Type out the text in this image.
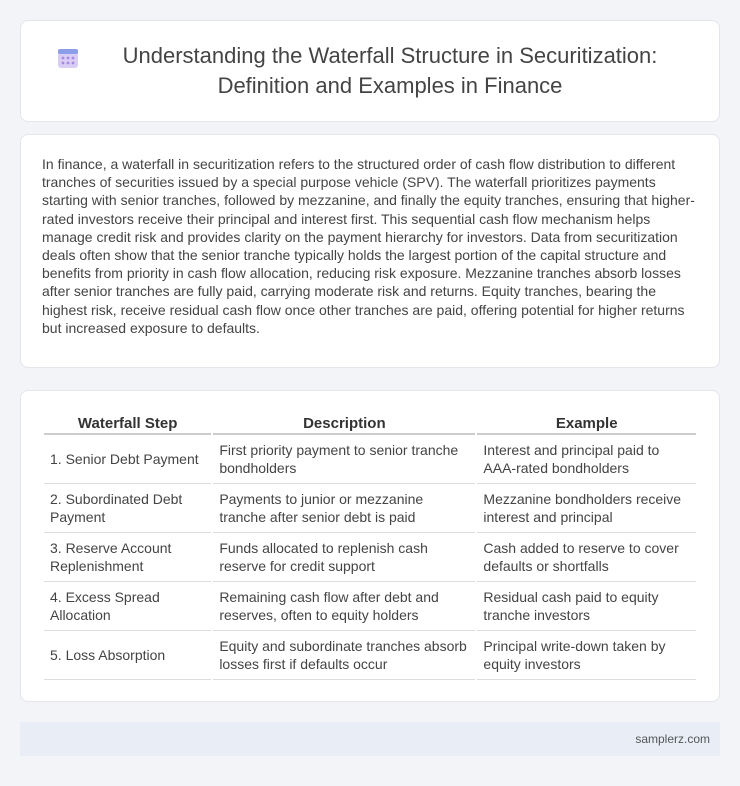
Understanding the Waterfall Structure in Securitization: Definition and Examples in Finance

In finance, a waterfall in securitization refers to the structured order of cash flow distribution to different tranches of securities issued by a special purpose vehicle (SPV). The waterfall prioritizes payments starting with senior tranches, followed by mezzanine, and finally the equity tranches, ensuring that higher-rated investors receive their principal and interest first. This sequential cash flow mechanism helps manage credit risk and provides clarity on the payment hierarchy for investors. Data from securitization deals often show that the senior tranche typically holds the largest portion of the capital structure and benefits from priority in cash flow allocation, reducing risk exposure. Mezzanine tranches absorb losses after senior tranches are fully paid, carrying moderate risk and returns. Equity tranches, bearing the highest risk, receive residual cash flow once other tranches are paid, offering potential for higher returns but increased exposure to defaults.

Waterfall Step	Description	Example
1. Senior Debt Payment	First priority payment to senior tranche bondholders	Interest and principal paid to AAA-rated bondholders
2. Subordinated Debt Payment	Payments to junior or mezzanine tranche after senior debt is paid	Mezzanine bondholders receive interest and principal
3. Reserve Account Replenishment	Funds allocated to replenish cash reserve for credit support	Cash added to reserve to cover defaults or shortfalls
4. Excess Spread Allocation	Remaining cash flow after debt and reserves, often to equity holders	Residual cash paid to equity tranche investors
5. Loss Absorption	Equity and subordinate tranches absorb losses first if defaults occur	Principal write-down taken by equity investors
samplerz.com
